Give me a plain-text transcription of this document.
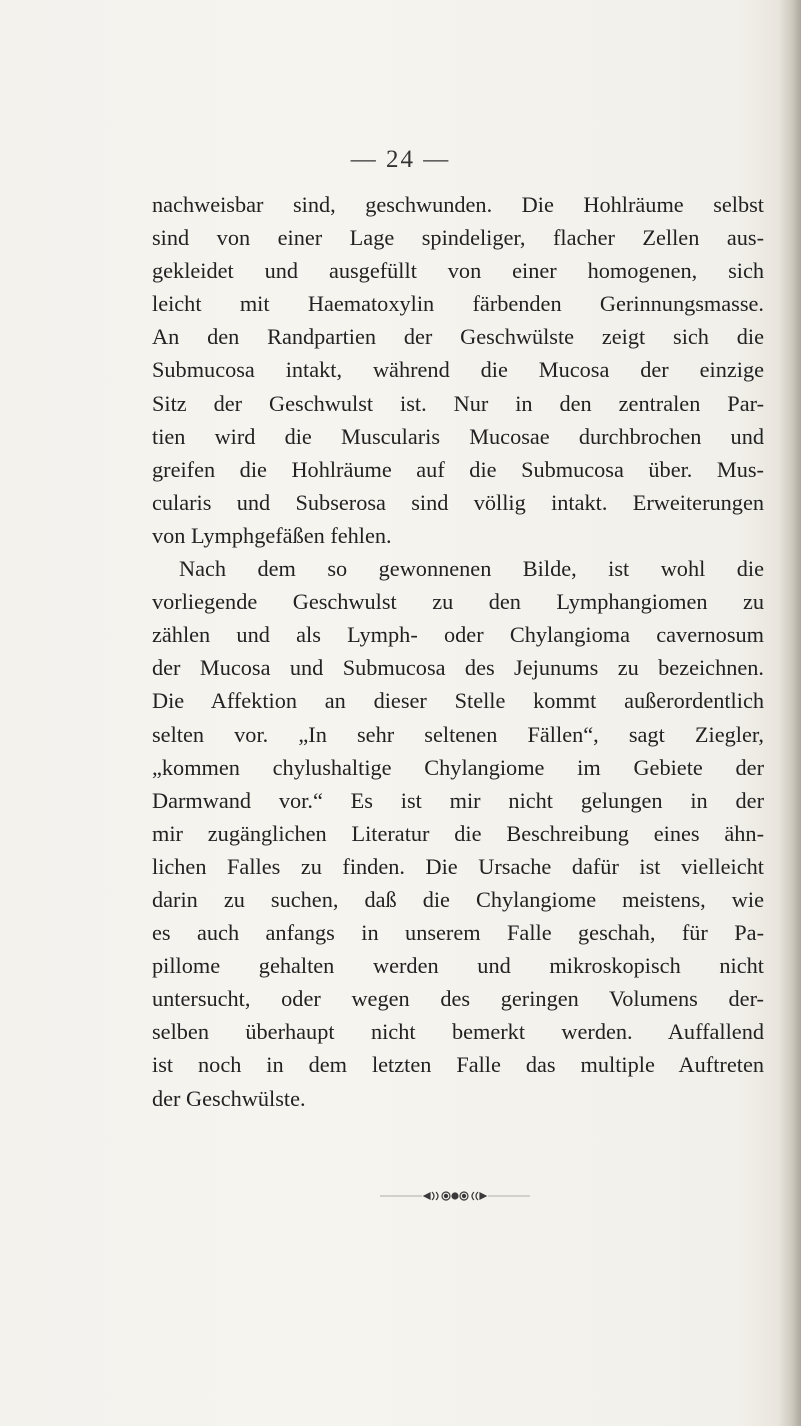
— 24 —
nachweisbar sind, geschwunden. Die Hohlräume selbst
sind von einer Lage spindeliger, flacher Zellen aus-
gekleidet und ausgefüllt von einer homogenen, sich
leicht mit Haematoxylin färbenden Gerinnungsmasse.
An den Randpartien der Geschwülste zeigt sich die
Submucosa intakt, während die Mucosa der einzige
Sitz der Geschwulst ist. Nur in den zentralen Par-
tien wird die Muscularis Mucosae durchbrochen und
greifen die Hohlräume auf die Submucosa über. Mus-
cularis und Subserosa sind völlig intakt. Erweiterungen
von Lymphgefäßen fehlen.
Nach dem so gewonnenen Bilde, ist wohl die
vorliegende Geschwulst zu den Lymphangiomen zu
zählen und als Lymph- oder Chylangioma cavernosum
der Mucosa und Submucosa des Jejunums zu bezeichnen.
Die Affektion an dieser Stelle kommt außerordentlich
selten vor. „In sehr seltenen Fällen“, sagt Ziegler,
„kommen chylushaltige Chylangiome im Gebiete der
Darmwand vor.“ Es ist mir nicht gelungen in der
mir zugänglichen Literatur die Beschreibung eines ähn-
lichen Falles zu finden. Die Ursache dafür ist vielleicht
darin zu suchen, daß die Chylangiome meistens, wie
es auch anfangs in unserem Falle geschah, für Pa-
pillome gehalten werden und mikroskopisch nicht
untersucht, oder wegen des geringen Volumens der-
selben überhaupt nicht bemerkt werden. Auffallend
ist noch in dem letzten Falle das multiple Auftreten
der Geschwülste.
